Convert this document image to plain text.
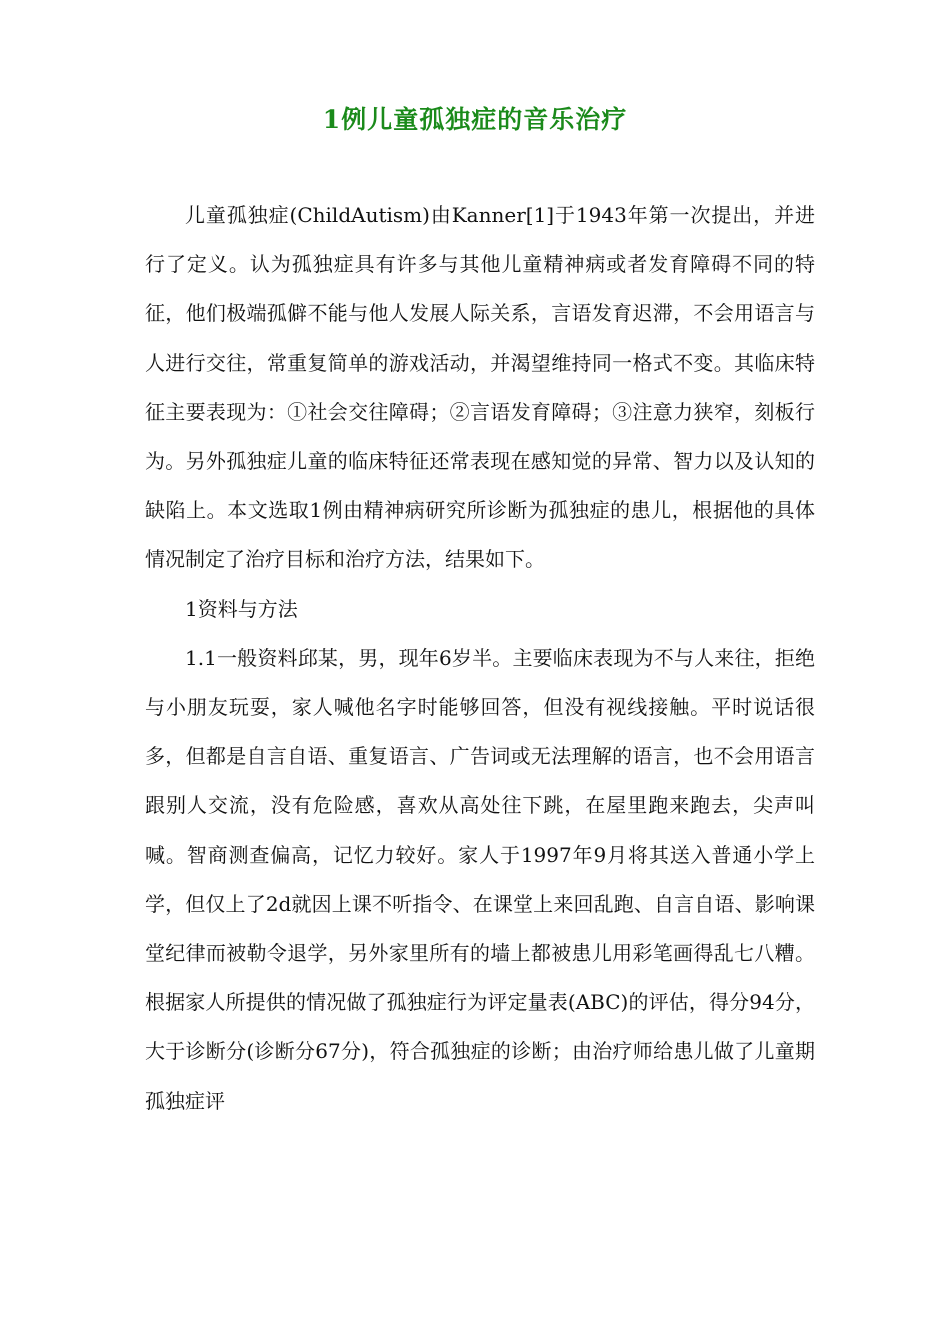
1例儿童孤独症的音乐治疗

儿童孤独症(ChildAutism)由Kanner[1]于1943年第一次提出，并进行了定义。认为孤独症具有许多与其他儿童精神病或者发育障碍不同的特征，他们极端孤僻不能与他人发展人际关系，言语发育迟滞，不会用语言与人进行交往，常重复简单的游戏活动，并渴望维持同一格式不变。其临床特征主要表现为：①社会交往障碍；②言语发育障碍；③注意力狭窄，刻板行为。另外孤独症儿童的临床特征还常表现在感知觉的异常、智力以及认知的缺陷上。本文选取1例由精神病研究所诊断为孤独症的患儿，根据他的具体情况制定了治疗目标和治疗方法，结果如下。

1资料与方法

1.1一般资料邱某，男，现年6岁半。主要临床表现为不与人来往，拒绝与小朋友玩耍，家人喊他名字时能够回答，但没有视线接触。平时说话很多，但都是自言自语、重复语言、广告词或无法理解的语言，也不会用语言跟别人交流，没有危险感，喜欢从高处往下跳，在屋里跑来跑去，尖声叫喊。智商测查偏高，记忆力较好。家人于1997年9月将其送入普通小学上学，但仅上了2d就因上课不听指令、在课堂上来回乱跑、自言自语、影响课堂纪律而被勒令退学，另外家里所有的墙上都被患儿用彩笔画得乱七八糟。根据家人所提供的情况做了孤独症行为评定量表(ABC)的评估，得分94分，大于诊断分(诊断分67分)，符合孤独症的诊断；由治疗师给患儿做了儿童期孤独症评
